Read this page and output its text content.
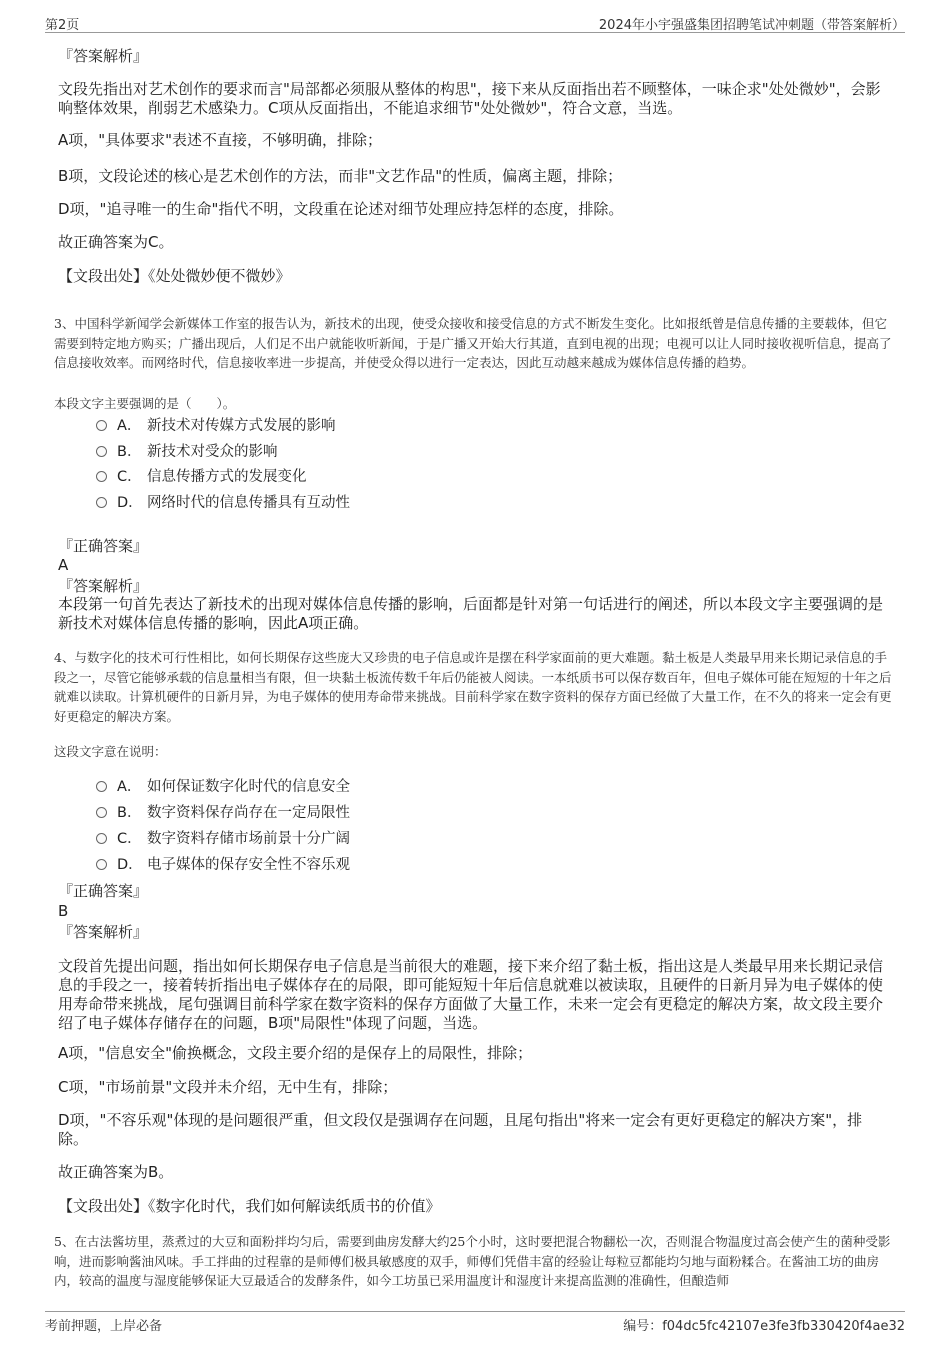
第2页	2024年小宇强盛集团招聘笔试冲刺题（带答案解析）
『答案解析』
文段先指出对艺术创作的要求而言"局部都必须服从整体的构思"，接下来从反面指出若不顾整体，一味企求"处处微妙"，会影响整体效果，削弱艺术感染力。C项从反面指出，不能追求细节"处处微妙"，符合文意，当选。
A项，"具体要求"表述不直接，不够明确，排除；
B项，文段论述的核心是艺术创作的方法，而非"文艺作品"的性质，偏离主题，排除；
D项，"追寻唯一的生命"指代不明，文段重在论述对细节处理应持怎样的态度，排除。
故正确答案为C。
【文段出处】《处处微妙便不微妙》
3、中国科学新闻学会新媒体工作室的报告认为，新技术的出现，使受众接收和接受信息的方式不断发生变化。比如报纸曾是信息传播的主要载体，但它需要到特定地方购买；广播出现后，人们足不出户就能收听新闻，于是广播又开始大行其道，直到电视的出现；电视可以让人同时接收视听信息，提高了信息接收效率。而网络时代，信息接收率进一步提高，并使受众得以进行一定表达，因此互动越来越成为媒体信息传播的趋势。
本段文字主要强调的是（　　）。
A． 新技术对传媒方式发展的影响
B． 新技术对受众的影响
C． 信息传播方式的发展变化
D． 网络时代的信息传播具有互动性
『正确答案』
A
『答案解析』
本段第一句首先表达了新技术的出现对媒体信息传播的影响，后面都是针对第一句话进行的阐述，所以本段文字主要强调的是新技术对媒体信息传播的影响，因此A项正确。
4、与数字化的技术可行性相比，如何长期保存这些庞大又珍贵的电子信息或许是摆在科学家面前的更大难题。黏土板是人类最早用来长期记录信息的手段之一，尽管它能够承载的信息量相当有限，但一块黏土板流传数千年后仍能被人阅读。一本纸质书可以保存数百年，但电子媒体可能在短短的十年之后就难以读取。计算机硬件的日新月异，为电子媒体的使用寿命带来挑战。目前科学家在数字资料的保存方面已经做了大量工作，在不久的将来一定会有更好更稳定的解决方案。
这段文字意在说明：
A． 如何保证数字化时代的信息安全
B． 数字资料保存尚存在一定局限性
C． 数字资料存储市场前景十分广阔
D． 电子媒体的保存安全性不容乐观
『正确答案』
B
『答案解析』
文段首先提出问题，指出如何长期保存电子信息是当前很大的难题，接下来介绍了黏土板，指出这是人类最早用来长期记录信息的手段之一，接着转折指出电子媒体存在的局限，即可能短短十年后信息就难以被读取，且硬件的日新月异为电子媒体的使用寿命带来挑战，尾句强调目前科学家在数字资料的保存方面做了大量工作，未来一定会有更稳定的解决方案，故文段主要介绍了电子媒体存储存在的问题，B项"局限性"体现了问题，当选。
A项，"信息安全"偷换概念，文段主要介绍的是保存上的局限性，排除；
C项，"市场前景"文段并未介绍，无中生有，排除；
D项，"不容乐观"体现的是问题很严重，但文段仅是强调存在问题，且尾句指出"将来一定会有更好更稳定的解决方案"，排除。
故正确答案为B。
【文段出处】《数字化时代，我们如何解读纸质书的价值》
5、在古法酱坊里，蒸煮过的大豆和面粉拌均匀后，需要到曲房发酵大约25个小时，这时要把混合物翻松一次，否则混合物温度过高会使产生的菌种受影响，进而影响酱油风味。手工拌曲的过程靠的是师傅们极具敏感度的双手，师傅们凭借丰富的经验让每粒豆都能均匀地与面粉糅合。在酱油工坊的曲房内，较高的温度与湿度能够保证大豆最适合的发酵条件，如今工坊虽已采用温度计和湿度计来提高监测的准确性，但酿造师
考前押题，上岸必备	编号：f04dc5fc42107e3fe3fb330420f4ae32
